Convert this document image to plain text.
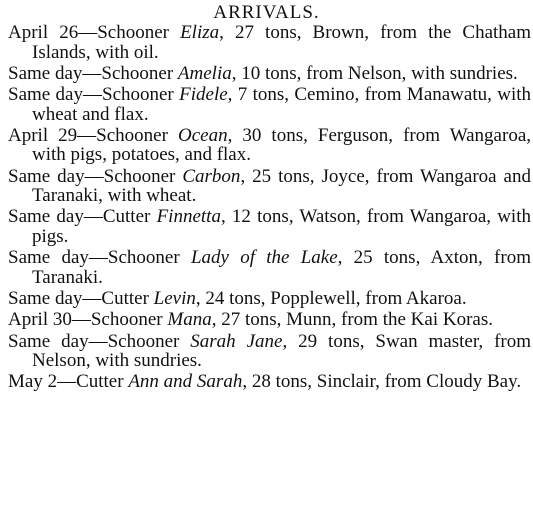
ARRIVALS.
April 26—Schooner Eliza, 27 tons, Brown, from the Chatham Islands, with oil.
Same day—Schooner Amelia, 10 tons, from Nelson, with sundries.
Same day—Schooner Fidele, 7 tons, Cemino, from Manawatu, with wheat and flax.
April 29—Schooner Ocean, 30 tons, Ferguson, from Wangaroa, with pigs, potatoes, and flax.
Same day—Schooner Carbon, 25 tons, Joyce, from Wangaroa and Taranaki, with wheat.
Same day—Cutter Finnetta, 12 tons, Watson, from Wangaroa, with pigs.
Same day—Schooner Lady of the Lake, 25 tons, Axton, from Taranaki.
Same day—Cutter Levin, 24 tons, Popplewell, from Akaroa.
April 30—Schooner Mana, 27 tons, Munn, from the Kai Koras.
Same day—Schooner Sarah Jane, 29 tons, Swan master, from Nelson, with sundries.
May 2—Cutter Ann and Sarah, 28 tons, Sinclair, from Cloudy Bay.
